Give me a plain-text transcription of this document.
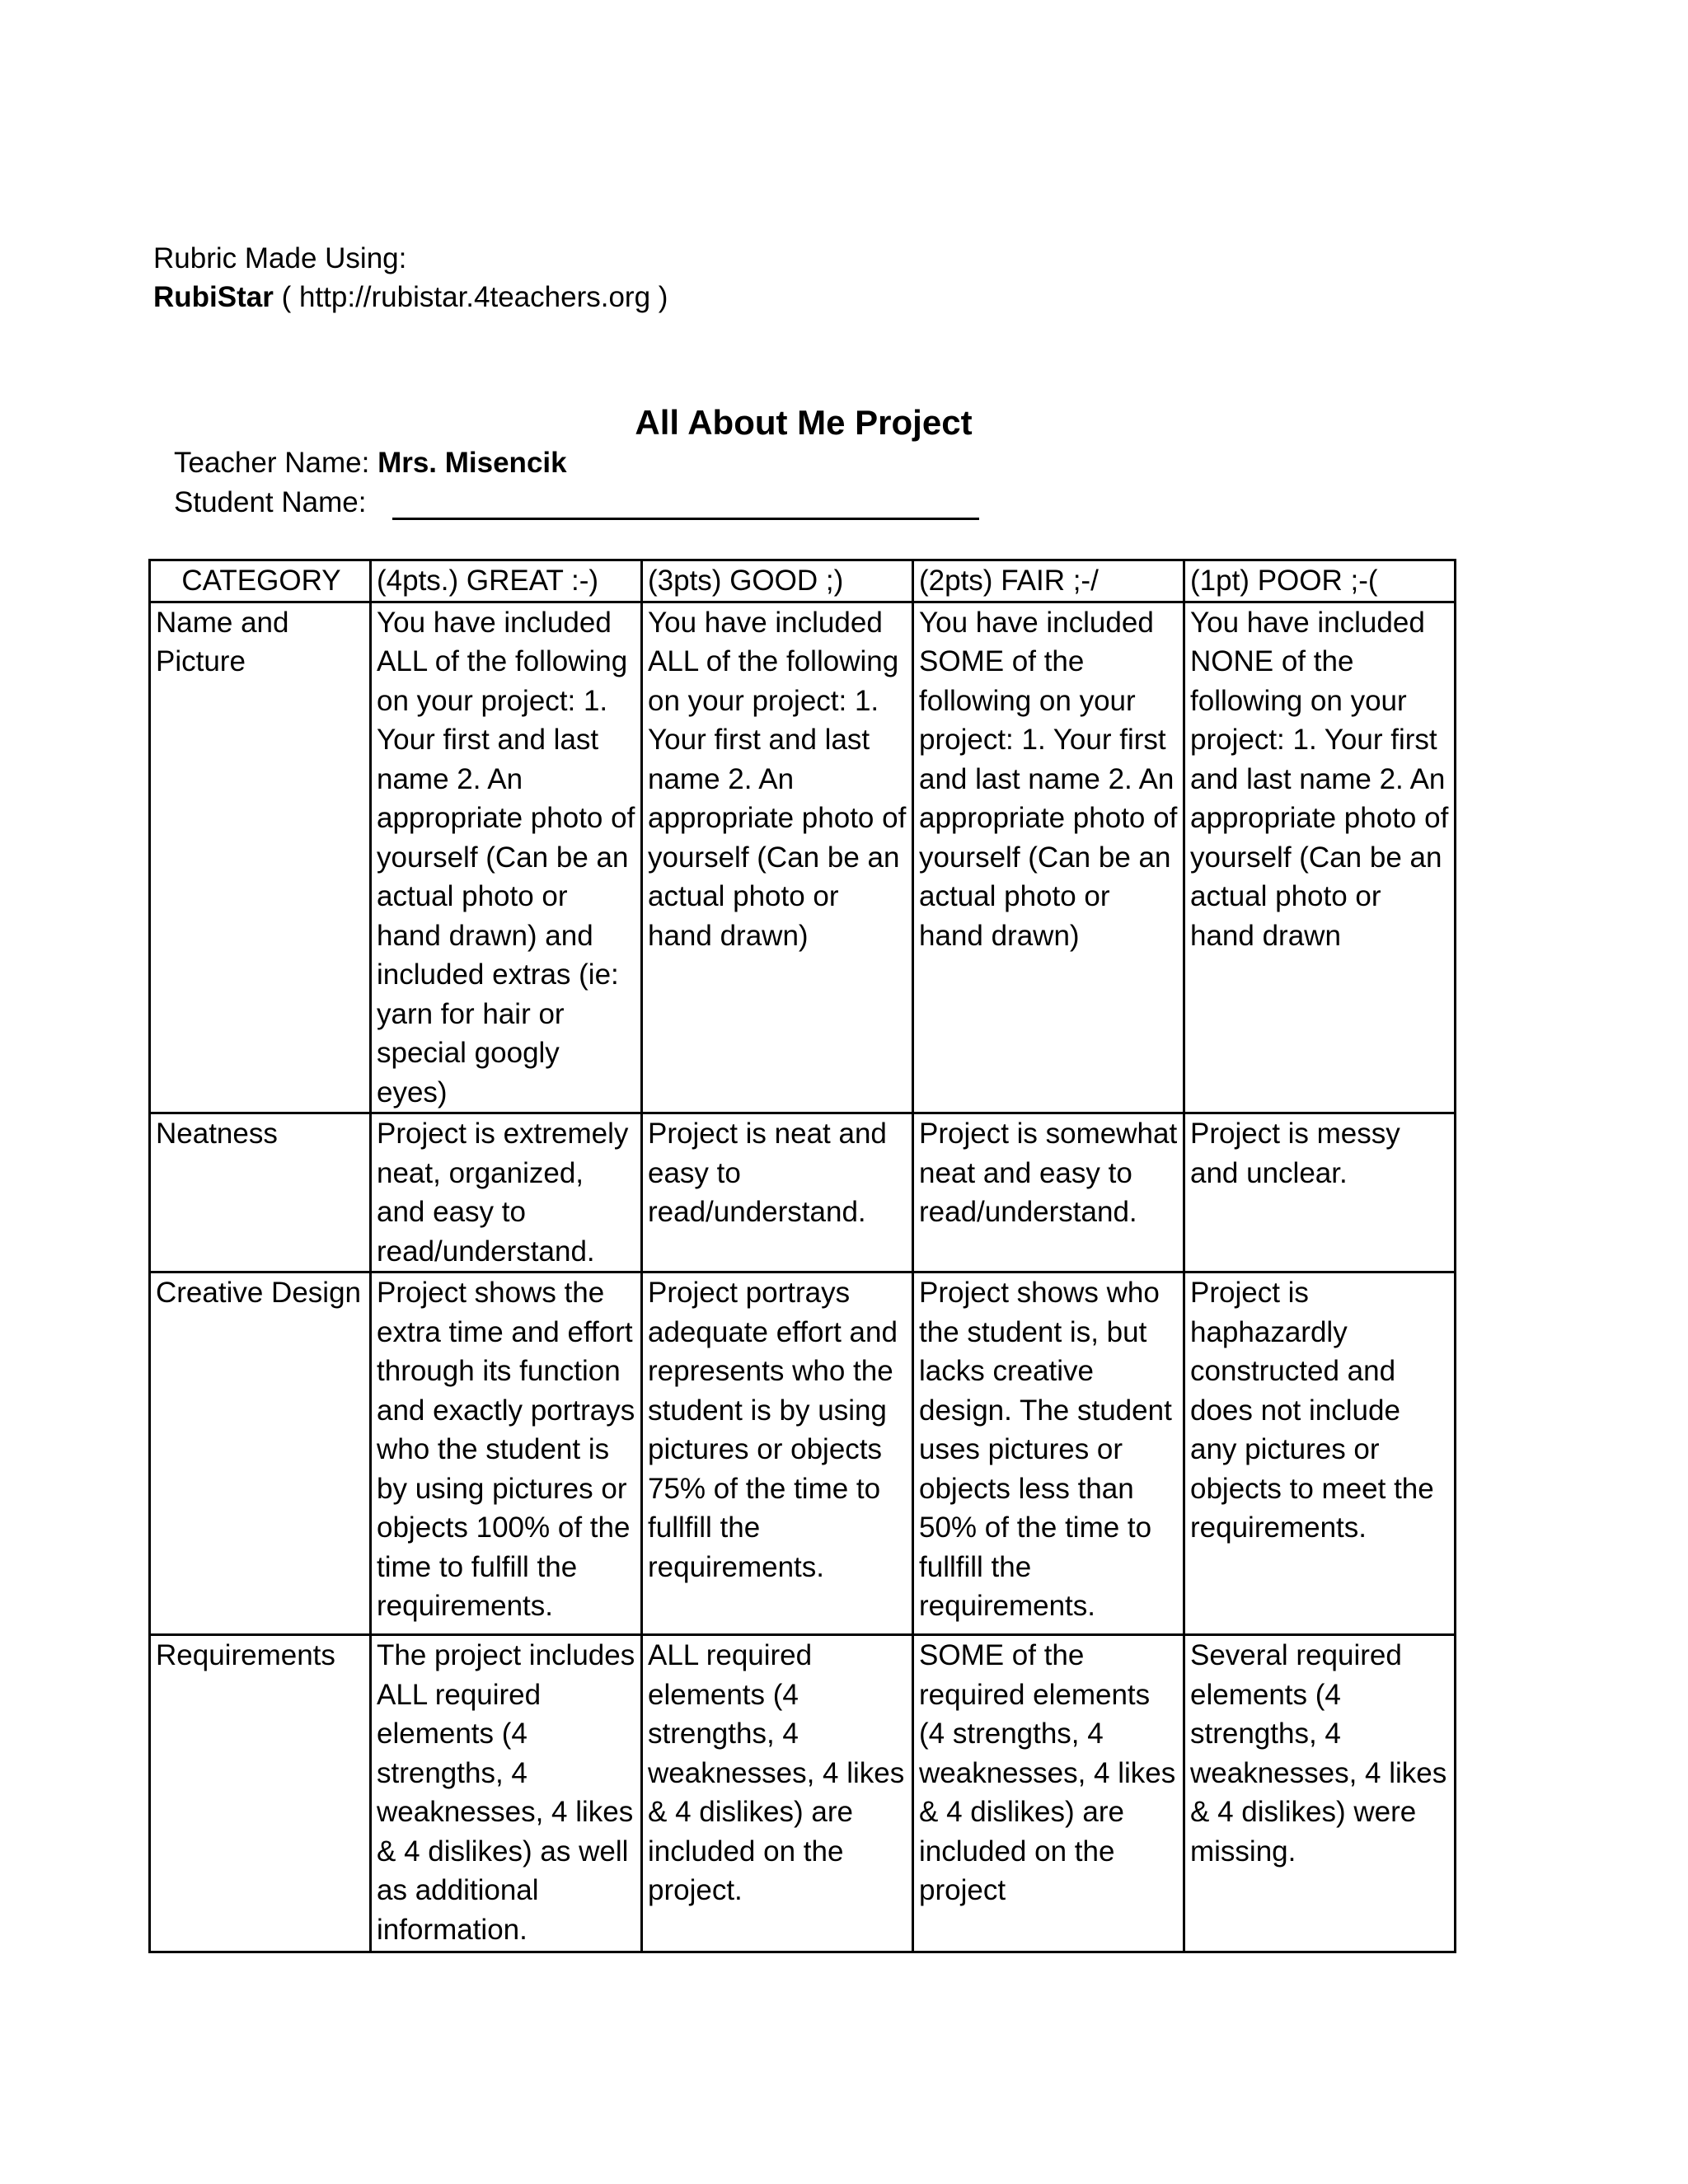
Rubric Made Using:
RubiStar ( http://rubistar.4teachers.org )
All About Me Project
Teacher Name: Mrs. Misencik
Student Name:
CATEGORY	(4pts.) GREAT :-)	(3pts) GOOD ;)	(2pts) FAIR ;-/	(1pt) POOR ;-(
Name and Picture	You have included ALL of the following on your project: 1. Your first and last name 2. An appropriate photo of yourself (Can be an actual photo or hand drawn) and included extras (ie: yarn for hair or special googly eyes)	You have included ALL of the following on your project: 1. Your first and last name 2. An appropriate photo of yourself (Can be an actual photo or hand drawn)	You have included SOME of the following on your project: 1. Your first and last name 2. An appropriate photo of yourself (Can be an actual photo or hand drawn)	You have included NONE of the following on your project: 1. Your first and last name 2. An appropriate photo of yourself (Can be an actual photo or hand drawn
Neatness	Project is extremely neat, organized, and easy to read/understand.	Project is neat and easy to read/understand.	Project is somewhat neat and easy to read/understand.	Project is messy and unclear.
Creative Design	Project shows the extra time and effort through its function and exactly portrays who the student is by using pictures or objects 100% of the time to fulfill the requirements.	Project portrays adequate effort and represents who the student is by using pictures or objects 75% of the time to fullfill the requirements.	Project shows who the student is, but lacks creative design. The student uses pictures or objects less than 50% of the time to fullfill the requirements.	Project is haphazardly constructed and does not include any pictures or objects to meet the requirements.
Requirements	The project includes ALL required elements (4 strengths, 4 weaknesses, 4 likes & 4 dislikes) as well as additional information.	ALL required elements (4 strengths, 4 weaknesses, 4 likes & 4 dislikes) are included on the project.	SOME of the required elements (4 strengths, 4 weaknesses, 4 likes & 4 dislikes) are included on the project	Several required elements (4 strengths, 4 weaknesses, 4 likes & 4 dislikes) were missing.
